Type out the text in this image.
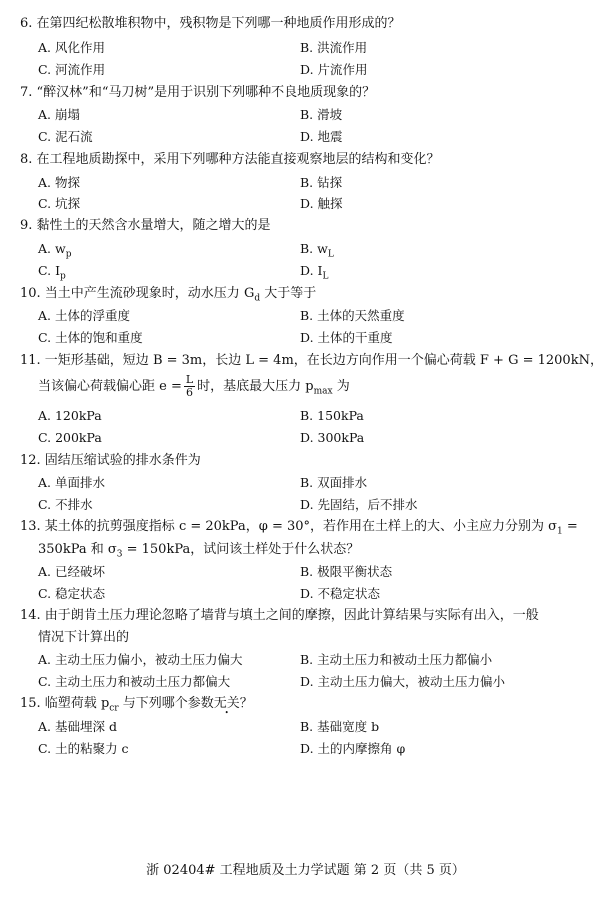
6. 在第四纪松散堆积物中，残积物是下列哪一种地质作用形成的？
A. 风化作用	B. 洪流作用
C. 河流作用	D. 片流作用
7. “醉汉林”和“马刀树”是用于识别下列哪种不良地质现象的？
A. 崩塌	B. 滑坡
C. 泥石流	D. 地震
8. 在工程地质勘探中，采用下列哪种方法能直接观察地层的结构和变化？
A. 物探	B. 钻探
C. 坑探	D. 触探
9. 黏性土的天然含水量增大，随之增大的是
A. $w_p$	B. $w_L$
C. $I_p$	D. $I_L$
10. 当土中产生流砂现象时，动水压力 $G_d$ 大于等于
A. 土体的浮重度	B. 土体的天然重度
C. 土体的饱和重度	D. 土体的干重度
11. 一矩形基础，短边 B = 3m，长边 L = 4m，在长边方向作用一个偏心荷载 F + G = 1200kN，
当该偏心荷载偏心距 $e = \frac{L}{6}$ 时，基底最大压力 $p_{max}$ 为
A. 120kPa	B. 150kPa
C. 200kPa	D. 300kPa
12. 固结压缩试验的排水条件为
A. 单面排水	B. 双面排水
C. 不排水	D. 先固结，后不排水
13. 某土体的抗剪强度指标 c = 20kPa，φ = 30°，若作用在土样上的大、小主应力分别为 $\sigma_1$ =
350kPa 和 $\sigma_3 = 150kPa$，试问该土样处于什么状态？
A. 已经破坏	B. 极限平衡状态
C. 稳定状态	D. 不稳定状态
14. 由于朗肯土压力理论忽略了墙背与填土之间的摩擦，因此计算结果与实际有出入，一般
情况下计算出的
A. 主动土压力偏小，被动土压力偏大	B. 主动土压力和被动土压力都偏小
C. 主动土压力和被动土压力都偏大	D. 主动土压力偏大，被动土压力偏小
15. 临塑荷载 $p_{cr}$ 与下列哪个参数无关？
A. 基础埋深 d	B. 基础宽度 b
C. 土的粘聚力 c	D. 土的内摩擦角 φ
浙 02404# 工程地质及土力学试题 第 2 页（共 5 页）
